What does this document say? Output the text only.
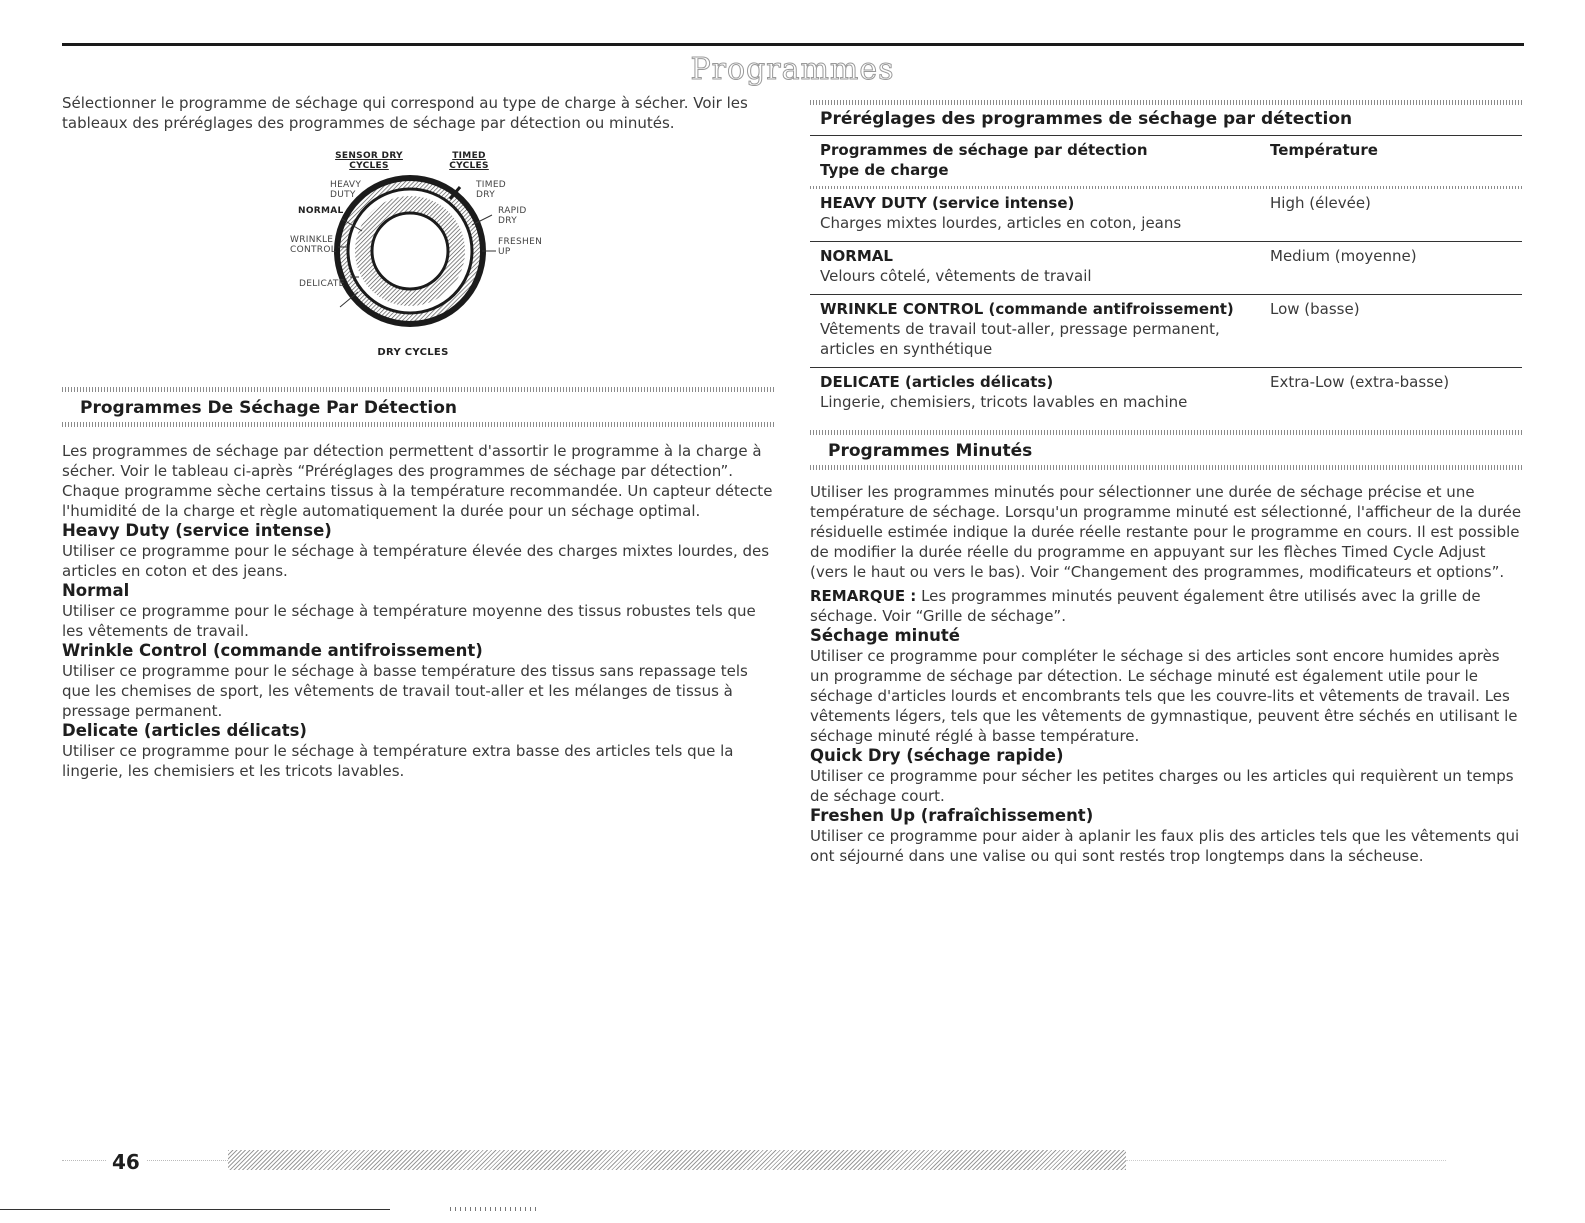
Programmes

Sélectionner le programme de séchage qui correspond au type de charge à sécher. Voir les tableaux des préréglages des programmes de séchage par détection ou minutés.

SENSOR DRY CYCLES
TIMED CYCLES
HEAVY DUTY
NORMAL
WRINKLE CONTROL
DELICATE
TIMED DRY
RAPID DRY
FRESHEN UP
DRY CYCLES

Programmes De Séchage Par Détection

Les programmes de séchage par détection permettent d'assortir le programme à la charge à sécher. Voir le tableau ci-après “Préréglages des programmes de séchage par détection”. Chaque programme sèche certains tissus à la température recommandée. Un capteur détecte l'humidité de la charge et règle automatiquement la durée pour un séchage optimal.

Heavy Duty (service intense)

Utiliser ce programme pour le séchage à température élevée des charges mixtes lourdes, des articles en coton et des jeans.

Normal

Utiliser ce programme pour le séchage à température moyenne des tissus robustes tels que les vêtements de travail.

Wrinkle Control (commande antifroissement)

Utiliser ce programme pour le séchage à basse température des tissus sans repassage tels que les chemises de sport, les vêtements de travail tout-aller et les mélanges de tissus à pressage permanent.

Delicate (articles délicats)

Utiliser ce programme pour le séchage à température extra basse des articles tels que la lingerie, les chemisiers et les tricots lavables.

Préréglages des programmes de séchage par détection

Programmes de séchage par détection
Type de charge	Température

HEAVY DUTY (service intense)
Charges mixtes lourdes, articles en coton, jeans	High (élevée)

NORMAL
Velours côtelé, vêtements de travail	Medium (moyenne)

WRINKLE CONTROL (commande antifroissement)
Vêtements de travail tout-aller, pressage permanent, articles en synthétique	Low (basse)

DELICATE (articles délicats)
Lingerie, chemisiers, tricots lavables en machine	Extra-Low (extra-basse)

Programmes Minutés

Utiliser les programmes minutés pour sélectionner une durée de séchage précise et une température de séchage. Lorsqu'un programme minuté est sélectionné, l'afficheur de la durée résiduelle estimée indique la durée réelle restante pour le programme en cours. Il est possible de modifier la durée réelle du programme en appuyant sur les flèches Timed Cycle Adjust (vers le haut ou vers le bas). Voir “Changement des programmes, modificateurs et options”.

REMARQUE : Les programmes minutés peuvent également être utilisés avec la grille de séchage. Voir “Grille de séchage”.

Séchage minuté

Utiliser ce programme pour compléter le séchage si des articles sont encore humides après un programme de séchage par détection. Le séchage minuté est également utile pour le séchage d'articles lourds et encombrants tels que les couvre-lits et vêtements de travail. Les vêtements légers, tels que les vêtements de gymnastique, peuvent être séchés en utilisant le séchage minuté réglé à basse température.

Quick Dry (séchage rapide)

Utiliser ce programme pour sécher les petites charges ou les articles qui requièrent un temps de séchage court.

Freshen Up (rafraîchissement)

Utiliser ce programme pour aider à aplanir les faux plis des articles tels que les vêtements qui ont séjourné dans une valise ou qui sont restés trop longtemps dans la sécheuse.

46
